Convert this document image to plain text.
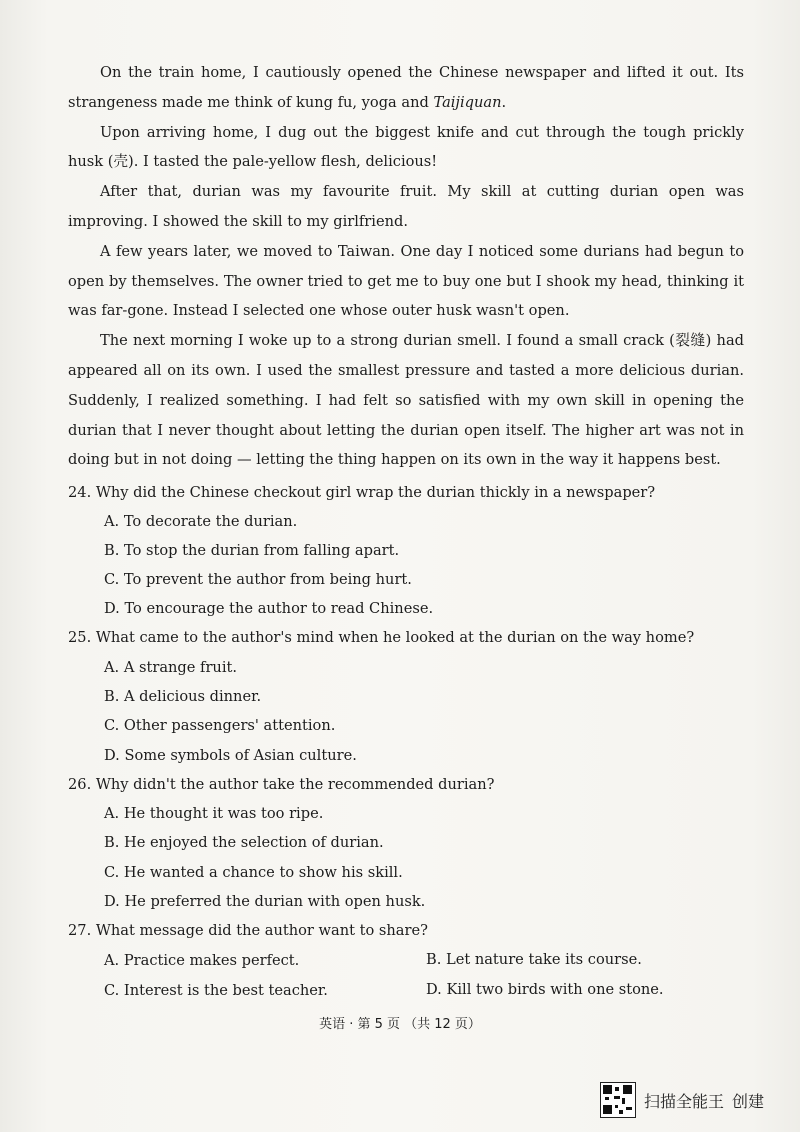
On the train home, I cautiously opened the Chinese newspaper and lifted it out. Its strangeness made me think of kung fu, yoga and Taijiquan.

Upon arriving home, I dug out the biggest knife and cut through the tough prickly husk (壳). I tasted the pale-yellow flesh, delicious!

After that, durian was my favourite fruit. My skill at cutting durian open was improving. I showed the skill to my girlfriend.

A few years later, we moved to Taiwan. One day I noticed some durians had begun to open by themselves. The owner tried to get me to buy one but I shook my head, thinking it was far-gone. Instead I selected one whose outer husk wasn't open.

The next morning I woke up to a strong durian smell. I found a small crack (裂缝) had appeared all on its own. I used the smallest pressure and tasted a more delicious durian. Suddenly, I realized something. I had felt so satisfied with my own skill in opening the durian that I never thought about letting the durian open itself. The higher art was not in doing but in not doing — letting the thing happen on its own in the way it happens best.

24. Why did the Chinese checkout girl wrap the durian thickly in a newspaper?
A. To decorate the durian.
B. To stop the durian from falling apart.
C. To prevent the author from being hurt.
D. To encourage the author to read Chinese.
25. What came to the author's mind when he looked at the durian on the way home?
A. A strange fruit.
B. A delicious dinner.
C. Other passengers' attention.
D. Some symbols of Asian culture.
26. Why didn't the author take the recommended durian?
A. He thought it was too ripe.
B. He enjoyed the selection of durian.
C. He wanted a chance to show his skill.
D. He preferred the durian with open husk.
27. What message did the author want to share?
A. Practice makes perfect.	B. Let nature take its course.
C. Interest is the best teacher.	D. Kill two birds with one stone.
英语 · 第 5 页 （共 12 页）
扫描全能王 创建
